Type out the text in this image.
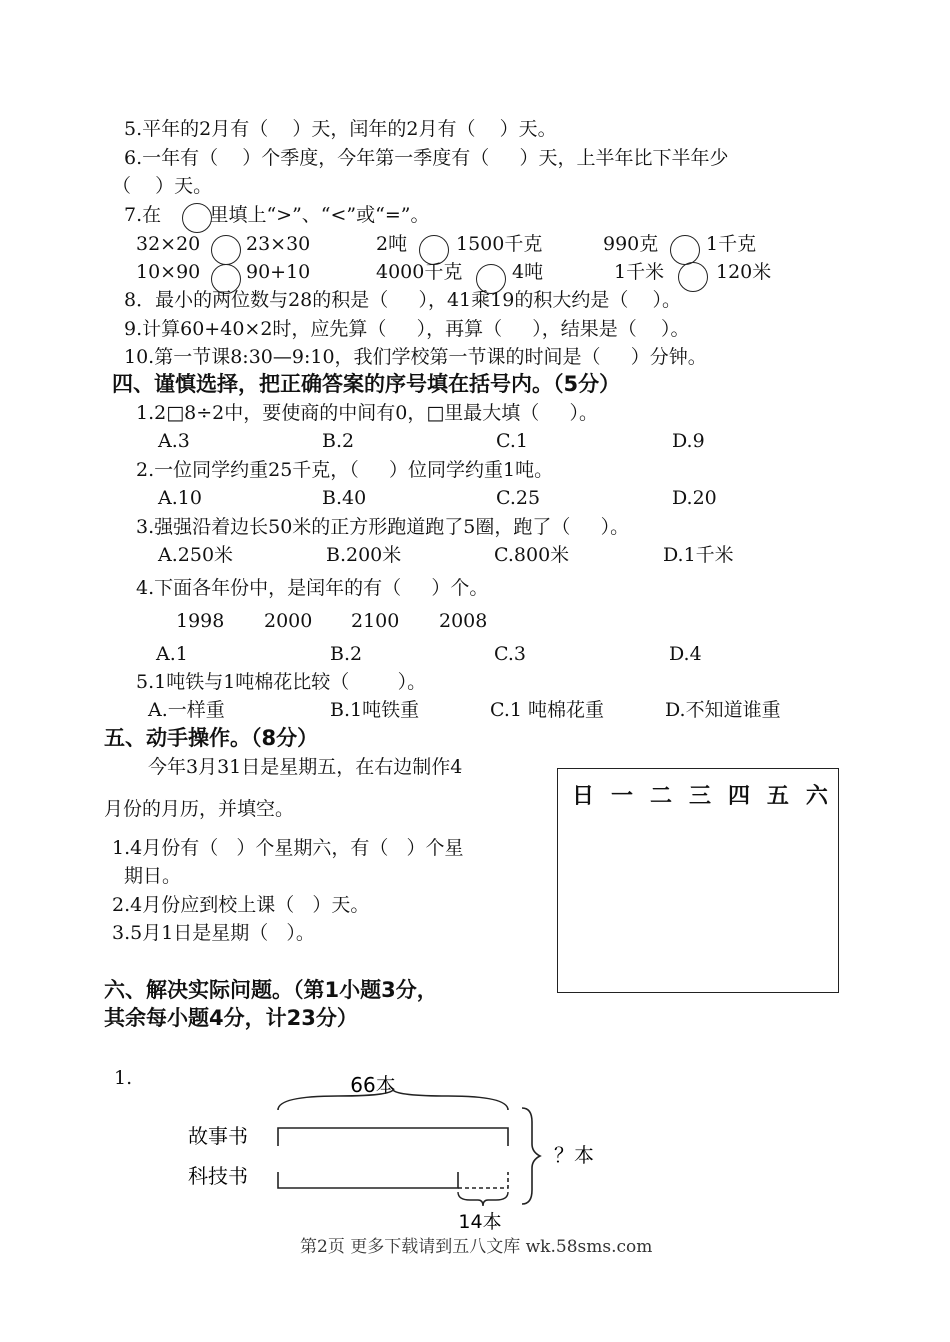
5.平年的2月有（    ）天，闰年的2月有（    ）天。
6.一年有（    ）个季度，今年第一季度有（     ）天，上半年比下半年少
（    ）天。
7.在        里填上“>”、“<”或“=”。
32×20 23×30	2吨	1500千克	990克	1千克
10×90 90+10	4000千克	4吨	1千米	120米
8．最小的两位数与28的积是（     ），41乘19的积大约是（    ）。
9.计算60+40×2时，应先算（     ），再算（     ），结果是（    ）。
10.第一节课8:30—9:10，我们学校第一节课的时间是（     ）分钟。
四、谨慎选择，把正确答案的序号填在括号内。（5分）
1.2□8÷2中，要使商的中间有0，□里最大填（     ）。
A.3	B.2	C.1	D.9
2.一位同学约重25千克，（     ）位同学约重1吨。
A.10	B.40	C.25	D.20
3.强强沿着边长50米的正方形跑道跑了5圈，跑了（     ）。
A.250米	B.200米	C.800米	D.1千米
4.下面各年份中，是闰年的有（     ）个。
1998 2000 2100 2008
A.1	B.2	C.3	D.4
5.1吨铁与1吨棉花比较（        ）。
A.一样重	B.1吨铁重	C.1 吨棉花重	D.不知道谁重
五、动手操作。（8分）
今年3月31日是星期五，在右边制作4
月份的月历，并填空。
1.4月份有（   ）个星期六，有（   ）个星
期日。
2.4月份应到校上课（   ）天。
3.5月1日是星期（   ）。
日 一 二 三 四 五 六
六、解决实际问题。（第1小题3分，
其余每小题4分，计23分）
1.	66本
故事书
科技书
14本
？本
第2页 更多下载请到五八文库 wk.58sms.com
